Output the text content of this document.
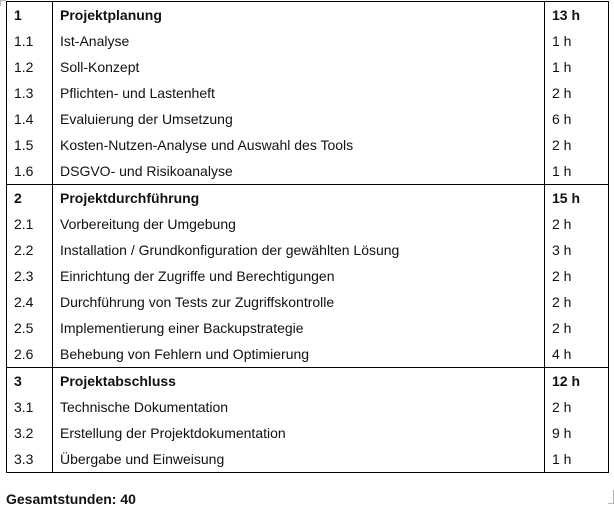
1	Projektplanung	13 h
1.1	Ist-Analyse	1 h
1.2	Soll-Konzept	1 h
1.3	Pflichten- und Lastenheft	2 h
1.4	Evaluierung der Umsetzung	6 h
1.5	Kosten-Nutzen-Analyse und Auswahl des Tools	2 h
1.6	DSGVO- und Risikoanalyse	1 h
2	Projektdurchführung	15 h
2.1	Vorbereitung der Umgebung	2 h
2.2	Installation / Grundkonfiguration der gewählten Lösung	3 h
2.3	Einrichtung der Zugriffe und Berechtigungen	2 h
2.4	Durchführung von Tests zur Zugriffskontrolle	2 h
2.5	Implementierung einer Backupstrategie	2 h
2.6	Behebung von Fehlern und Optimierung	4 h
3	Projektabschluss	12 h
3.1	Technische Dokumentation	2 h
3.2	Erstellung der Projektdokumentation	9 h
3.3	Übergabe und Einweisung	1 h
Gesamtstunden: 40
